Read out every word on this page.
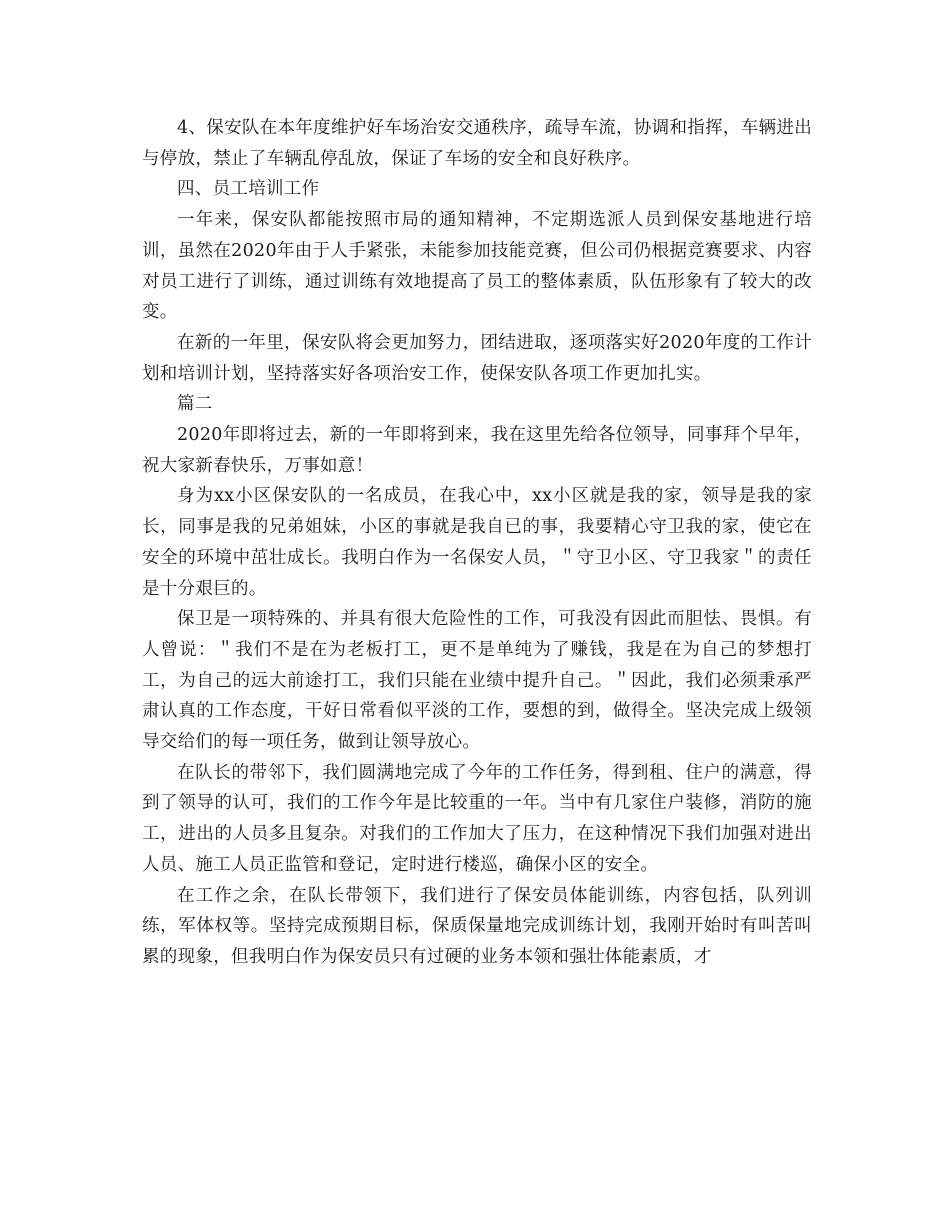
4、保安队在本年度维护好车场治安交通秩序，疏导车流，协调和指挥，车辆进出与停放，禁止了车辆乱停乱放，保证了车场的安全和良好秩序。

四、员工培训工作

一年来，保安队都能按照市局的通知精神，不定期选派人员到保安基地进行培训，虽然在2020年由于人手紧张，未能参加技能竞赛，但公司仍根据竞赛要求、内容对员工进行了训练，通过训练有效地提高了员工的整体素质，队伍形象有了较大的改变。

在新的一年里，保安队将会更加努力，团结进取，逐项落实好2020年度的工作计划和培训计划，坚持落实好各项治安工作，使保安队各项工作更加扎实。

篇二

2020年即将过去，新的一年即将到来，我在这里先给各位领导，同事拜个早年，祝大家新春快乐，万事如意！

身为xx小区保安队的一名成员，在我心中，xx小区就是我的家，领导是我的家长，同事是我的兄弟姐妹，小区的事就是我自已的事，我要精心守卫我的家，使它在安全的环境中茁壮成长。我明白作为一名保安人员，＂守卫小区、守卫我家＂的责任是十分艰巨的。

保卫是一项特殊的、并具有很大危险性的工作，可我没有因此而胆怯、畏惧。有人曾说：＂我们不是在为老板打工，更不是单纯为了赚钱，我是在为自己的梦想打工，为自己的远大前途打工，我们只能在业绩中提升自己。＂因此，我们必须秉承严肃认真的工作态度，干好日常看似平淡的工作，要想的到，做得全。坚决完成上级领导交给们的每一项任务，做到让领导放心。

在队长的带邻下，我们圆满地完成了今年的工作任务，得到租、住户的满意，得到了领导的认可，我们的工作今年是比较重的一年。当中有几家住户装修，消防的施工，进出的人员多且复杂。对我们的工作加大了压力，在这种情况下我们加强对进出人员、施工人员正监管和登记，定时进行楼巡，确保小区的安全。

在工作之余，在队长带领下，我们进行了保安员体能训练，内容包括，队列训练，军体权等。坚持完成预期目标，保质保量地完成训练计划，我刚开始时有叫苦叫累的现象，但我明白作为保安员只有过硬的业务本领和强壮体能素质，才
